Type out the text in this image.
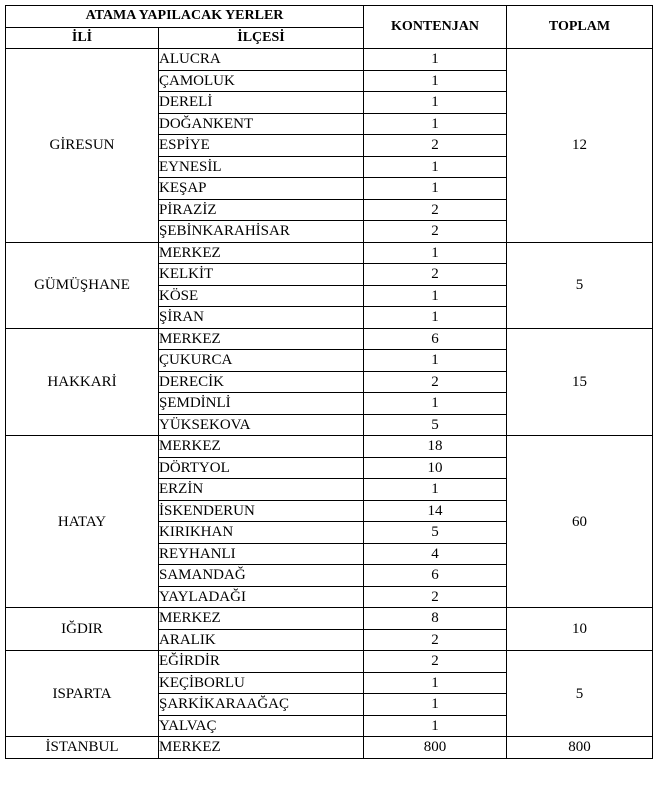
ATAMA YAPILACAK YERLER		KONTENJAN	TOPLAM
İLİ	İLÇESİ		
GİRESUN	ALUCRA	1	12
	ÇAMOLUK	1	
	DERELİ	1	
	DOĞANKENT	1	
	ESPİYE	2	
	EYNESİL	1	
	KEŞAP	1	
	PİRAZİZ	2	
	ŞEBİNKARAHİSAR	2	
GÜMÜŞHANE	MERKEZ	1	5
	KELKİT	2	
	KÖSE	1	
	ŞİRAN	1	
HAKKARİ	MERKEZ	6	15
	ÇUKURCA	1	
	DERECİK	2	
	ŞEMDİNLİ	1	
	YÜKSEKOVA	5	
HATAY	MERKEZ	18	60
	DÖRTYOL	10	
	ERZİN	1	
	İSKENDERUN	14	
	KIRIKHAN	5	
	REYHANLI	4	
	SAMANDAĞ	6	
	YAYLADAĞI	2	
IĞDIR	MERKEZ	8	10
	ARALIK	2	
ISPARTA	EĞİRDİR	2	5
	KEÇİBORLU	1	
	ŞARKİKARAAĞAÇ	1	
	YALVAÇ	1	
İSTANBUL	MERKEZ	800	800
